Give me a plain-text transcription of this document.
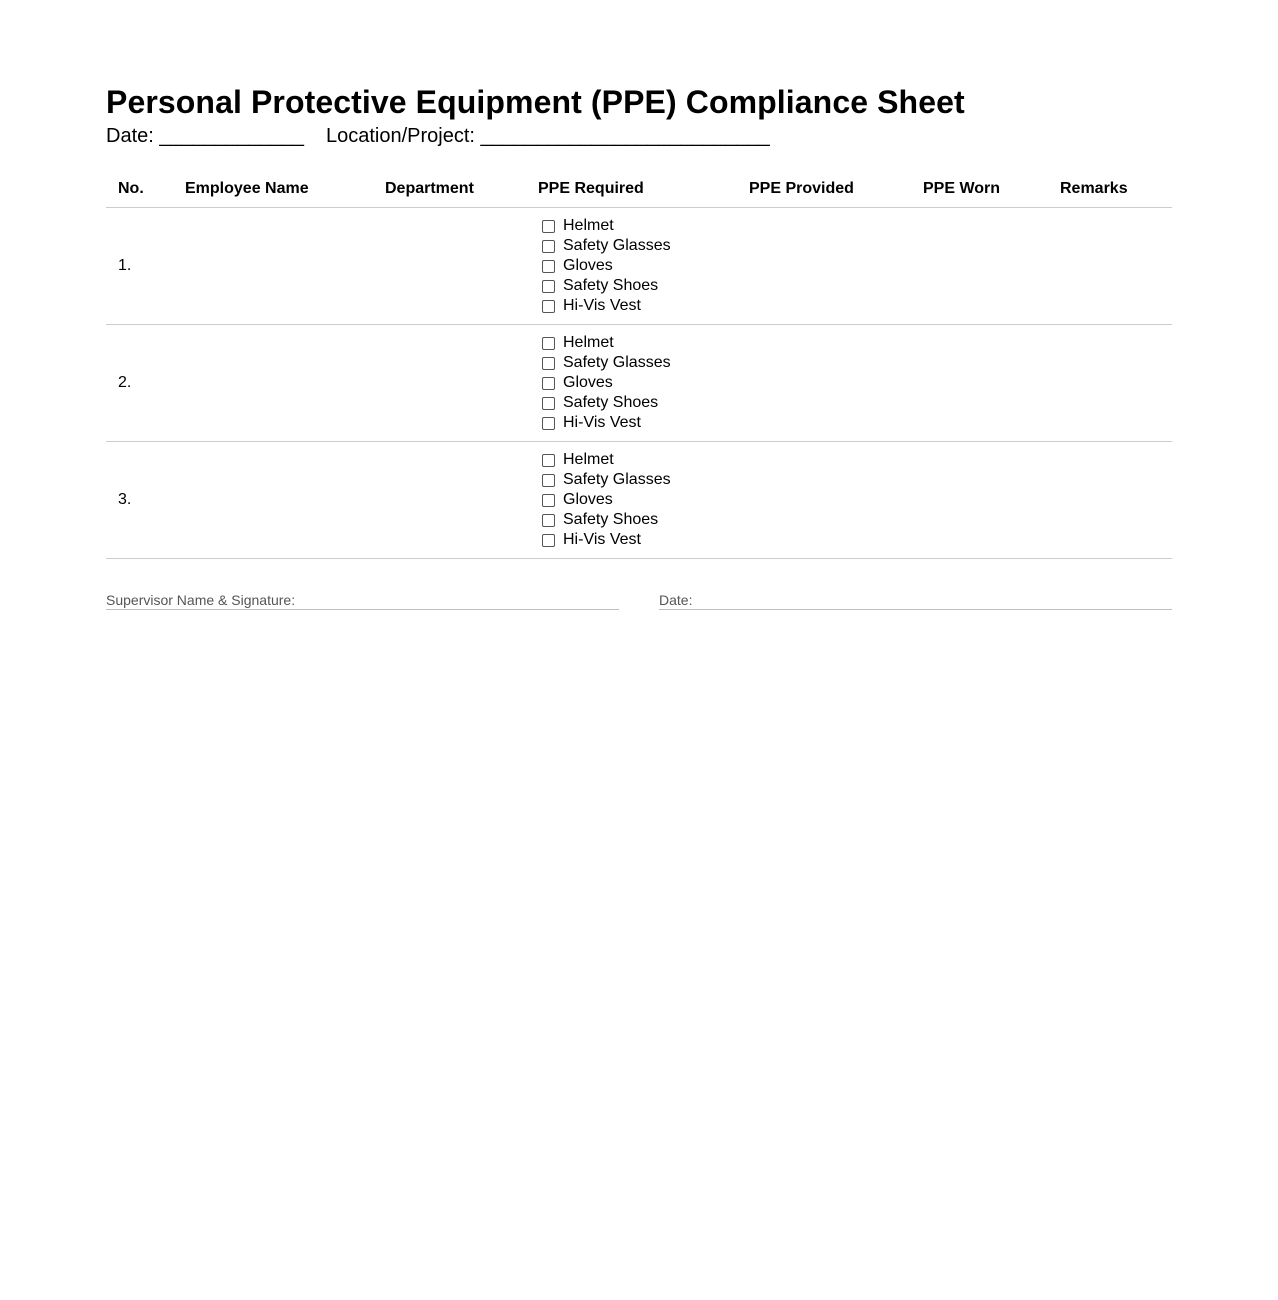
Personal Protective Equipment (PPE) Compliance Sheet
Date: _____________ Location/Project: __________________________
No.	Employee Name	Department	PPE Required	PPE Provided	PPE Worn	Remarks
1.			Helmet
Safety Glasses
Gloves
Safety Shoes
Hi-Vis Vest			

2.			Helmet
Safety Glasses
Gloves
Safety Shoes
Hi-Vis Vest			

3.			Helmet
Safety Glasses
Gloves
Safety Shoes
Hi-Vis Vest			

Supervisor Name & Signature:	Date:
